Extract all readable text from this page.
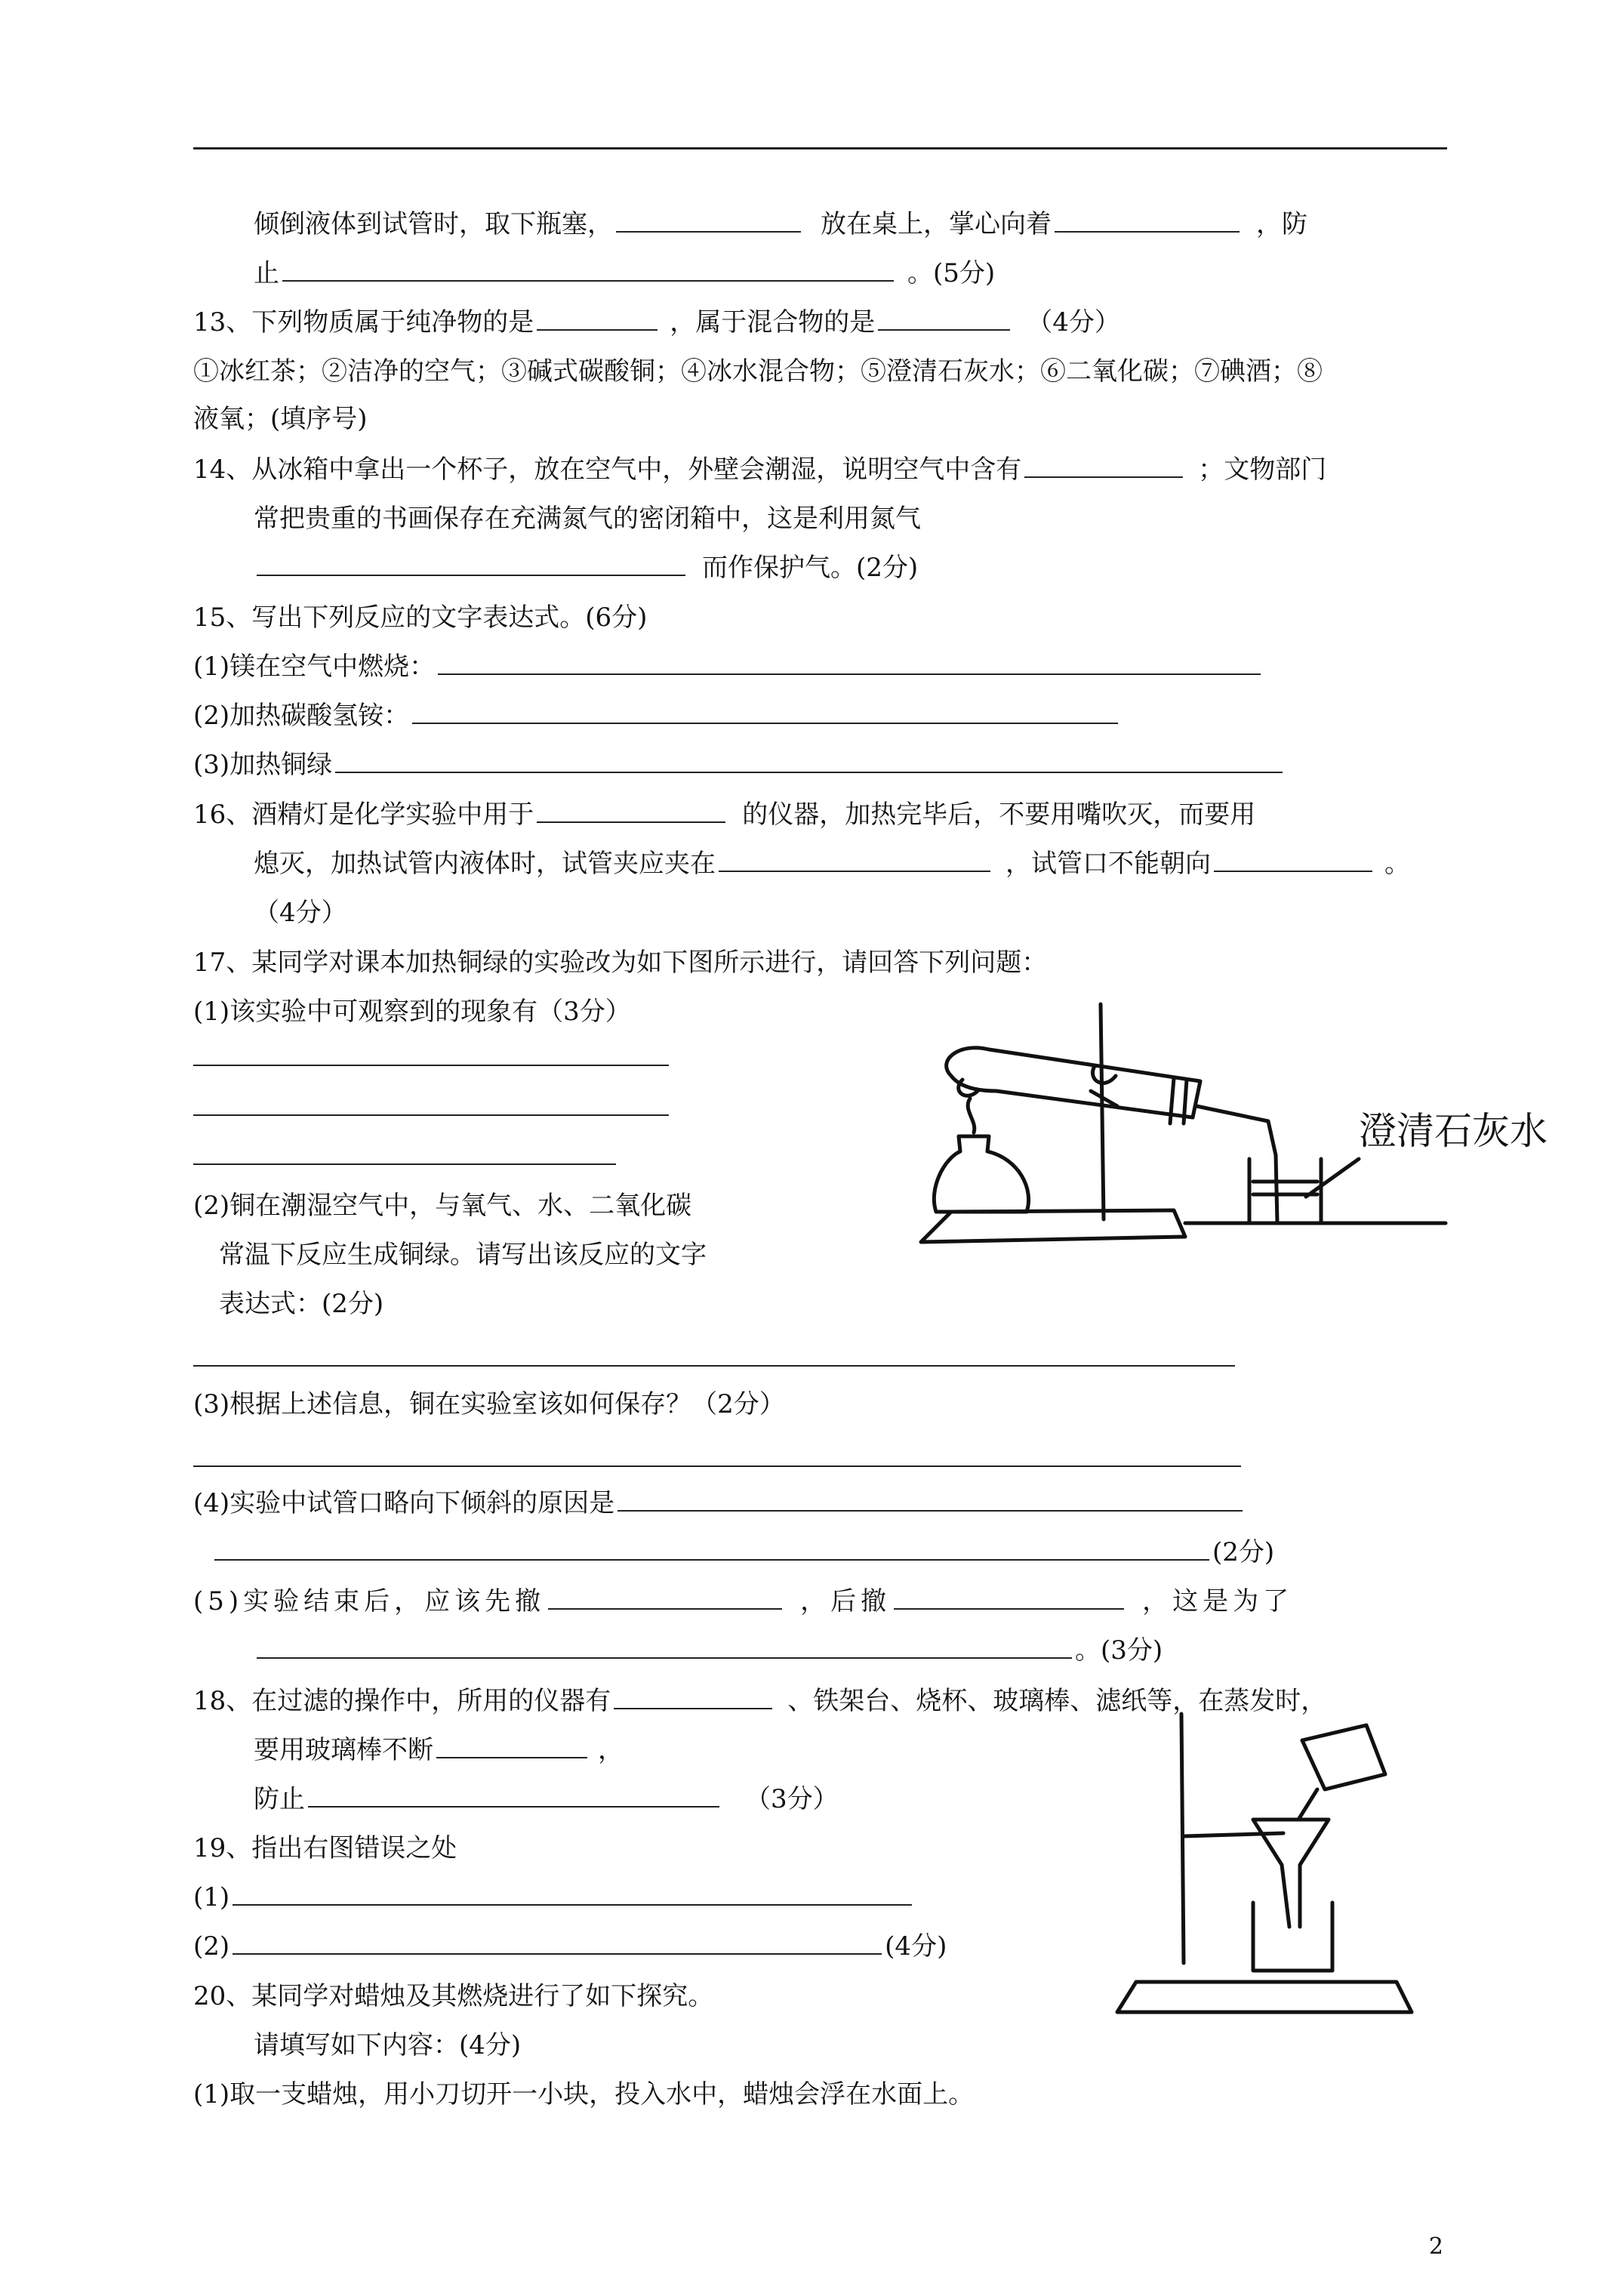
倾倒液体到试管时，取下瓶塞，	放在桌上，掌心向着	，防
止	。(5分)
13、下列物质属于纯净物的是	，属于混合物的是	（4分）
①冰红茶；②洁净的空气；③碱式碳酸铜；④冰水混合物；⑤澄清石灰水；⑥二氧化碳；⑦碘酒；⑧
液氧；(填序号)
14、从冰箱中拿出一个杯子，放在空气中，外壁会潮湿，说明空气中含有	；文物部门
常把贵重的书画保存在充满氮气的密闭箱中，这是利用氮气
而作保护气。(2分)
15、写出下列反应的文字表达式。(6分)
(1)镁在空气中燃烧：
(2)加热碳酸氢铵：
(3)加热铜绿
16、酒精灯是化学实验中用于	的仪器，加热完毕后，不要用嘴吹灭，而要用
熄灭，加热试管内液体时，试管夹应夹在	，试管口不能朝向	。
（4分）
17、某同学对课本加热铜绿的实验改为如下图所示进行，请回答下列问题：
(1)该实验中可观察到的现象有（3分）
(2)铜在潮湿空气中，与氧气、水、二氧化碳
常温下反应生成铜绿。请写出该反应的文字
表达式：(2分)
(3)根据上述信息，铜在实验室该如何保存？（2分）
(4)实验中试管口略向下倾斜的原因是
(2分)
(5)实验结束后，应该先撤	，后撤	，这是为了
。(3分)
18、在过滤的操作中，所用的仪器有	、铁架台、烧杯、玻璃棒、滤纸等，在蒸发时，
要用玻璃棒不断	，
防止	（3分）
19、指出右图错误之处
(1)
(2)	(4分)
20、某同学对蜡烛及其燃烧进行了如下探究。
请填写如下内容：(4分)
(1)取一支蜡烛，用小刀切开一小块，投入水中，蜡烛会浮在水面上。
澄清石灰水
2
